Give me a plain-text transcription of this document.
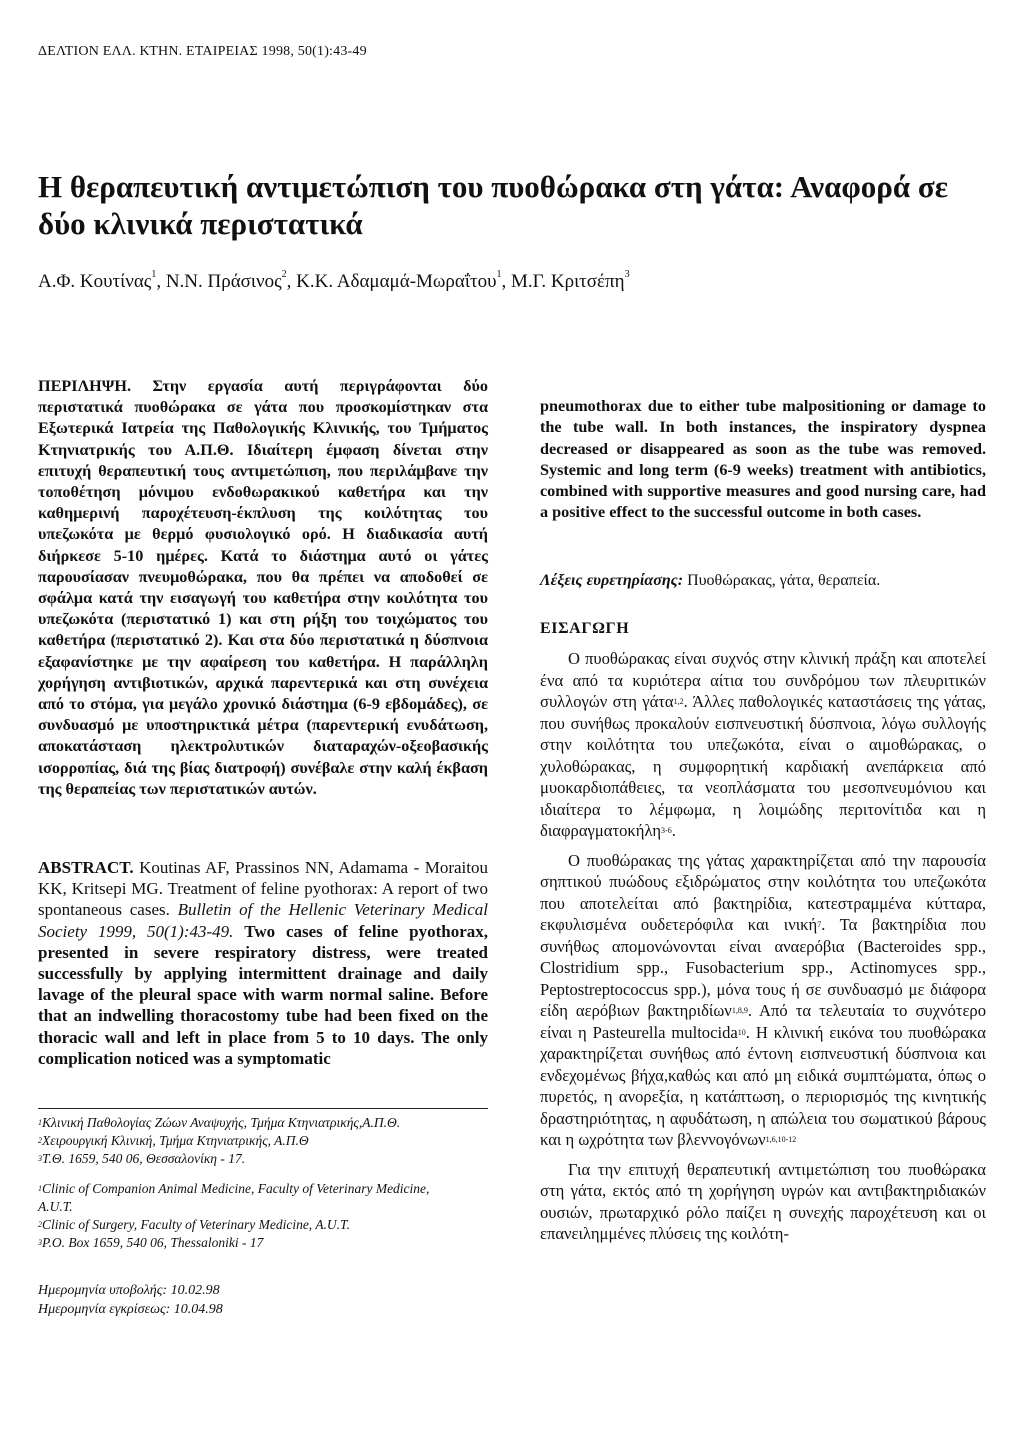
ΔΕΛΤΙΟΝ ΕΛΛ. ΚΤΗΝ. ΕΤΑΙΡΕΙΑΣ 1998, 50(1):43-49
Η θεραπευτική αντιμετώπιση του πυοθώρακα στη γάτα: Αναφορά σε δύο κλινικά περιστατικά
Α.Φ. Κουτίνας$^1$, Ν.Ν. Πράσινος$^2$, Κ.Κ. Αδαμαμά-Μωραΐτου$^1$, Μ.Γ. Κριτσέπη$^3$
ΠΕΡΙΛΗΨΗ. Στην εργασία αυτή περιγράφονται δύο περιστατικά πυοθώρακα σε γάτα που προσκομίστηκαν στα Εξωτερικά Ιατρεία της Παθολογικής Κλινικής, του Τμήματος Κτηνιατρικής του Α.Π.Θ. Ιδιαίτερη έμφαση δίνεται στην επιτυχή θεραπευτική τους αντιμετώπιση, που περιλάμβανε την τοποθέτηση μόνιμου ενδοθωρακικού καθετήρα και την καθημερινή παροχέτευση-έκπλυση της κοιλότητας του υπεζωκότα με θερμό φυσιολογικό ορό. Η διαδικασία αυτή διήρκεσε 5-10 ημέρες. Κατά το διάστημα αυτό οι γάτες παρουσίασαν πνευμοθώρακα, που θα πρέπει να αποδοθεί σε σφάλμα κατά την εισαγωγή του καθετήρα στην κοιλότητα του υπεζωκότα (περιστατικό 1) και στη ρήξη του τοιχώματος του καθετήρα (περιστατικό 2). Και στα δύο περιστατικά η δύσπνοια εξαφανίστηκε με την αφαίρεση του καθετήρα. Η παράλληλη χορήγηση αντιβιοτικών, αρχικά παρεντερικά και στη συνέχεια από το στόμα, για μεγάλο χρονικό διάστημα (6-9 εβδομάδες), σε συνδυασμό με υποστηρικτικά μέτρα (παρεντερική ενυδάτωση, αποκατάσταση ηλεκτρολυτικών διαταραχών-οξεοβασικής ισορροπίας, διά της βίας διατροφή) συνέβαλε στην καλή έκβαση της θεραπείας των περιστατικών αυτών.
ABSTRACT. Koutinas AF, Prassinos NN, Adamama - Moraitou KK, Kritsepi MG. Treatment of feline pyothorax: A report of two spontaneous cases. Bulletin of the Hellenic Veterinary Medical Society 1999, 50(1):43-49. Two cases of feline pyothorax, presented in severe respiratory distress, were treated successfully by applying intermittent drainage and daily lavage of the pleural space with warm normal saline. Before that an indwelling thoracostomy tube had been fixed on the thoracic wall and left in place from 5 to 10 days. The only complication noticed was a symptomatic
$^1$Κλινική Παθολογίας Ζώων Αναψυχής, Τμήμα Κτηνιατρικής,Α.Π.Θ.
$^2$Χειρουργική Κλινική, Τμήμα Κτηνιατρικής, Α.Π.Θ
$^3$Τ.Θ. 1659, 540 06, Θεσσαλονίκη - 17.
$^1$Clinic of Companion Animal Medicine, Faculty of Veterinary Medicine, A.U.T.
$^2$Clinic of Surgery, Faculty of Veterinary Medicine, A.U.T.
$^3$P.O. Box 1659, 540 06, Thessaloniki - 17
Ημερομηνία υποβολής: 10.02.98
Ημερομηνία εγκρίσεως: 10.04.98
pneumothorax due to either tube malpositioning or damage to the tube wall. In both instances, the inspiratory dyspnea decreased or disappeared as soon as the tube was removed. Systemic and long term (6-9 weeks) treatment with antibiotics, combined with supportive measures and good nursing care, had a positive effect to the successful outcome in both cases.
Λέξεις ευρετηρίασης: Πυοθώρακας, γάτα, θεραπεία.
ΕΙΣΑΓΩΓΗ

Ο πυοθώρακας είναι συχνός στην κλινική πράξη και αποτελεί ένα από τα κυριότερα αίτια του συνδρόμου των πλευριτικών συλλογών στη γάτα$^{1,2}$. Άλλες παθολογικές καταστάσεις της γάτας, που συνήθως προκαλούν εισπνευστική δύσπνοια, λόγω συλλογής στην κοιλότητα του υπεζωκότα, είναι ο αιμοθώρακας, ο χυλοθώρακας, η συμφορητική καρδιακή ανεπάρκεια από μυοκαρδιοπάθειες, τα νεοπλάσματα του μεσοπνευμόνιου και ιδιαίτερα το λέμφωμα, η λοιμώδης περιτονίτιδα και η διαφραγματοκήλη$^{3-6}$.

Ο πυοθώρακας της γάτας χαρακτηρίζεται από την παρουσία σηπτικού πυώδους εξιδρώματος στην κοιλότητα του υπεζωκότα που αποτελείται από βακτηρίδια, κατεστραμμένα κύτταρα, εκφυλισμένα ουδετερόφιλα και ινική$^7$. Τα βακτηρίδια που συνήθως απομονώνονται είναι αναερόβια (Bacteroides spp., Clostridium spp., Fusobacterium spp., Actinomyces spp., Peptostreptococcus spp.), μόνα τους ή σε συνδυασμό με διάφορα είδη αερόβιων βακτηριδίων$^{1,8,9}$. Από τα τελευταία το συχνότερο είναι η Pasteurella multocida$^{10}$. Η κλινική εικόνα του πυοθώρακα χαρακτηρίζεται συνήθως από έντονη εισπνευστική δύσπνοια και ενδεχομένως βήχα,καθώς και από μη ειδικά συμπτώματα, όπως ο πυρετός, η ανορεξία, η κατάπτωση, ο περιορισμός της κινητικής δραστηριότητας, η αφυδάτωση, η απώλεια του σωματικού βάρους και η ωχρότητα των βλεννογόνων$^{1,6,10-12}$

Για την επιτυχή θεραπευτική αντιμετώπιση του πυοθώρακα στη γάτα, εκτός από τη χορήγηση υγρών και αντιβακτηριδιακών ουσιών, πρωταρχικό ρόλο παίζει η συνεχής παροχέτευση και οι επανειλημμένες πλύσεις της κοιλότη-
